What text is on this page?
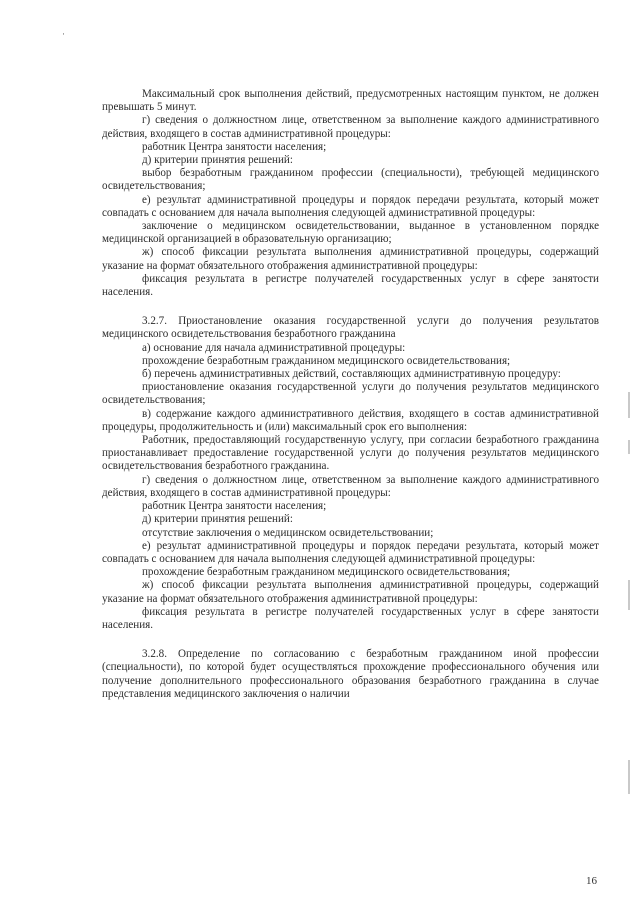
·

Максимальный срок выполнения действий, предусмотренных настоящим пунктом, не должен превышать 5 минут.

г) сведения о должностном лице, ответственном за выполнение каждого административного действия, входящего в состав административной процедуры:

работник Центра занятости населения;

д) критерии принятия решений:

выбор безработным гражданином профессии (специальности), требующей медицинского освидетельствования;

е) результат административной процедуры и порядок передачи результата, который может совпадать с основанием для начала выполнения следующей административной процедуры:

заключение о медицинском освидетельствовании, выданное в установленном порядке медицинской организацией в образовательную организацию;

ж) способ фиксации результата выполнения административной процедуры, содержащий указание на формат обязательного отображения административной процедуры:

фиксация результата в регистре получателей государственных услуг в сфере занятости населения.

3.2.7. Приостановление оказания государственной услуги до получения результатов медицинского освидетельствования безработного гражданина

а) основание для начала административной процедуры:

прохождение безработным гражданином медицинского освидетельствования;

б) перечень административных действий, составляющих административную процедуру:

приостановление оказания государственной услуги до получения результатов медицинского освидетельствования;

в) содержание каждого административного действия, входящего в состав административной процедуры, продолжительность и (или) максимальный срок его выполнения:

Работник, предоставляющий государственную услугу, при согласии безработного гражданина приостанавливает предоставление государственной услуги до получения результатов медицинского освидетельствования безработного гражданина.

г) сведения о должностном лице, ответственном за выполнение каждого административного действия, входящего в состав административной процедуры:

работник Центра занятости населения;

д) критерии принятия решений:

отсутствие заключения о медицинском освидетельствовании;

е) результат административной процедуры и порядок передачи результата, который может совпадать с основанием для начала выполнения следующей административной процедуры:

прохождение безработным гражданином медицинского освидетельствования;

ж) способ фиксации результата выполнения административной процедуры, содержащий указание на формат обязательного отображения административной процедуры:

фиксация результата в регистре получателей государственных услуг в сфере занятости населения.

3.2.8. Определение по согласованию с безработным гражданином иной профессии (специальности), по которой будет осуществляться прохождение профессионального обучения или получение дополнительного профессионального образования безработного гражданина в случае представления медицинского заключения о наличии

16
